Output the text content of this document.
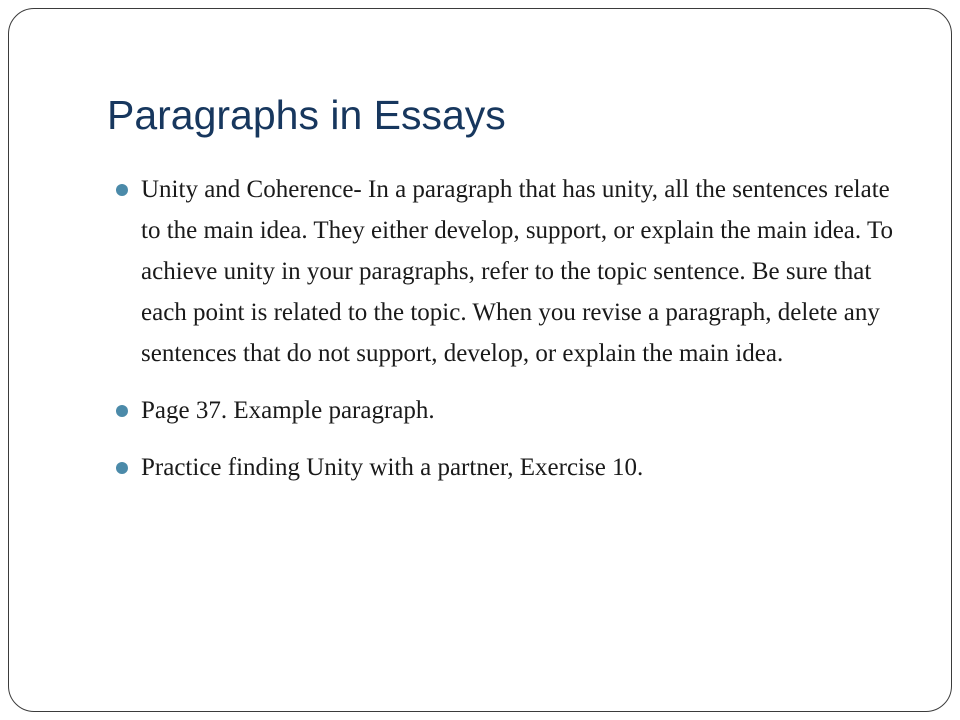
Paragraphs in Essays
Unity and Coherence- In a paragraph that has unity, all the sentences relate to the main idea. They either develop, support, or explain the main idea. To achieve unity in your paragraphs, refer to the topic sentence. Be sure that each point is related to the topic. When you revise a paragraph, delete any sentences that do not support, develop, or explain the main idea.
Page 37. Example paragraph.
Practice finding Unity with a partner, Exercise 10.
